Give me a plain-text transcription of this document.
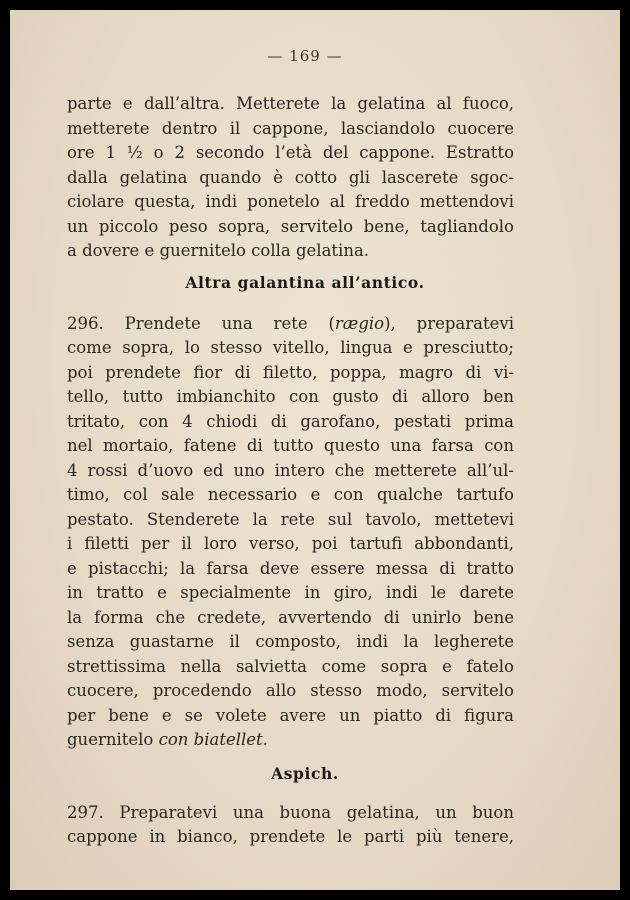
— 169 —
parte e dall’altra. Metterete la gelatina al fuoco,
metterete dentro il cappone, lasciandolo cuocere
ore 1 ½ o 2 secondo l’età del cappone. Estratto
dalla gelatina quando è cotto gli lascerete sgoc-
ciolare questa, indi ponetelo al freddo mettendovi
un piccolo peso sopra, servitelo bene, tagliandolo
a dovere e guernitelo colla gelatina.
Altra galantina all’antico.
296. Prendete una rete (rægio), preparatevi
come sopra, lo stesso vitello, lingua e presciutto;
poi prendete fior di filetto, poppa, magro di vi-
tello, tutto imbianchito con gusto di alloro ben
tritato, con 4 chiodi di garofano, pestati prima
nel mortaio, fatene di tutto questo una farsa con
4 rossi d’uovo ed uno intero che metterete all’ul-
timo, col sale necessario e con qualche tartufo
pestato. Stenderete la rete sul tavolo, mettetevi
i filetti per il loro verso, poi tartufi abbondanti,
e pistacchi; la farsa deve essere messa di tratto
in tratto e specialmente in giro, indi le darete
la forma che credete, avvertendo di unirlo bene
senza guastarne il composto, indi la legherete
strettissima nella salvietta come sopra e fatelo
cuocere, procedendo allo stesso modo, servitelo
per bene e se volete avere un piatto di figura
guernitelo con biatellet.
Aspich.
297. Preparatevi una buona gelatina, un buon
cappone in bianco, prendete le parti più tenere,
